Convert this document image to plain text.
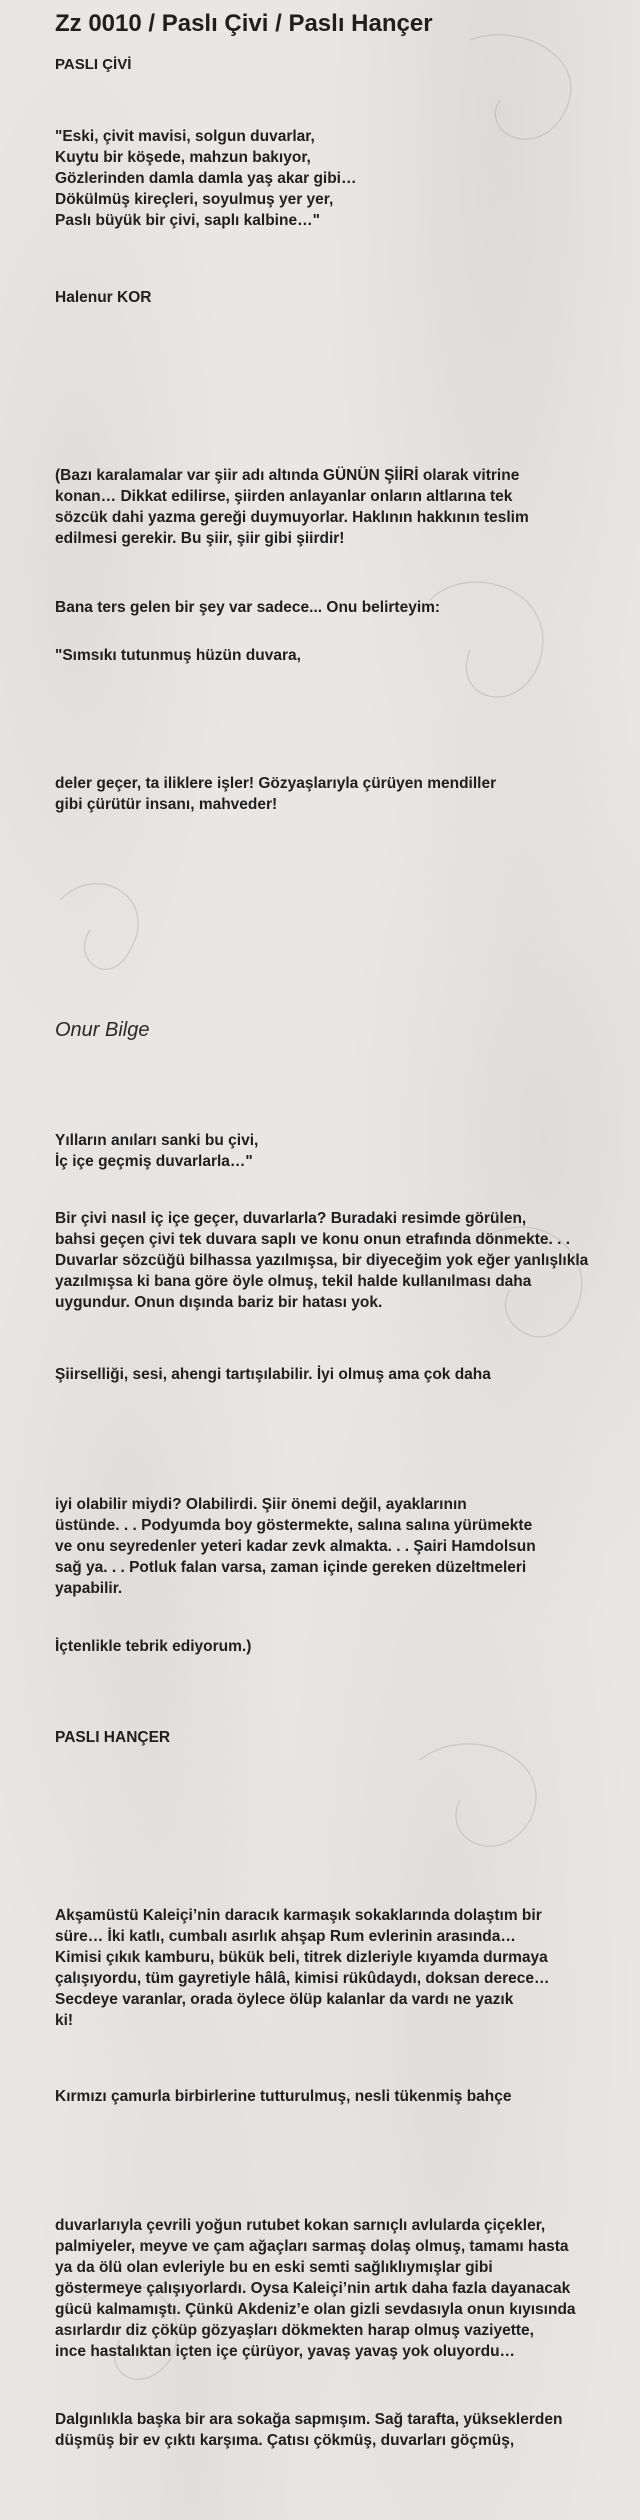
Zz 0010 / Paslı Çivi / Paslı Hançer
PASLI ÇİVİ
"Eski, çivit mavisi, solgun duvarlar,
Kuytu bir köşede, mahzun bakıyor,
Gözlerinden damla damla yaş akar gibi…
Dökülmüş kireçleri, soyulmuş yer yer,
Paslı büyük bir çivi, saplı kalbine…"
Halenur KOR
(Bazı karalamalar var şiir adı altında GÜNÜN ŞİİRİ olarak vitrine
konan… Dikkat edilirse, şiirden anlayanlar onların altlarına tek
sözcük dahi yazma gereği duymuyorlar. Haklının hakkının teslim
edilmesi gerekir. Bu şiir, şiir gibi şiirdir!
Bana ters gelen bir şey var sadece... Onu belirteyim:
"Sımsıkı tutunmuş hüzün duvara,
deler geçer, ta iliklere işler! Gözyaşlarıyla çürüyen mendiller
gibi çürütür insanı, mahveder!
Onur Bilge
Yılların anıları sanki bu çivi,
İç içe geçmiş duvarlarla…"
Bir çivi nasıl iç içe geçer, duvarlarla? Buradaki resimde görülen,
bahsi geçen çivi tek duvara saplı ve konu onun etrafında dönmekte. . .
Duvarlar sözcüğü bilhassa yazılmışsa, bir diyeceğim yok eğer yanlışlıkla
yazılmışsa ki bana göre öyle olmuş, tekil halde kullanılması daha
uygundur. Onun dışında bariz bir hatası yok.
Şiirselliği, sesi, ahengi tartışılabilir. İyi olmuş ama çok daha
iyi olabilir miydi? Olabilirdi. Şiir önemi değil, ayaklarının
üstünde. . . Podyumda boy göstermekte, salına salına yürümekte
ve onu seyredenler yeteri kadar zevk almakta. . . Şairi Hamdolsun
sağ ya. . . Potluk falan varsa, zaman içinde gereken düzeltmeleri
yapabilir.
İçtenlikle tebrik ediyorum.)
PASLI HANÇER
Akşamüstü Kaleiçi’nin daracık karmaşık sokaklarında dolaştım bir
süre… İki katlı, cumbalı asırlık ahşap Rum evlerinin arasında…
Kimisi çıkık kamburu, bükük beli, titrek dizleriyle kıyamda durmaya
çalışıyordu, tüm gayretiyle hâlâ, kimisi rükûdaydı, doksan derece…
Secdeye varanlar, orada öylece ölüp kalanlar da vardı ne yazık
ki!
Kırmızı çamurla birbirlerine tutturulmuş, nesli tükenmiş bahçe
duvarlarıyla çevrili yoğun rutubet kokan sarnıçlı avlularda çiçekler,
palmiyeler, meyve ve çam ağaçları sarmaş dolaş olmuş, tamamı hasta
ya da ölü olan evleriyle bu en eski semti sağlıklıymışlar gibi
göstermeye çalışıyorlardı. Oysa Kaleiçi’nin artık daha fazla dayanacak
gücü kalmamıştı. Çünkü Akdeniz’e olan gizli sevdasıyla onun kıyısında
asırlardır diz çöküp gözyaşları dökmekten harap olmuş vaziyette,
ince hastalıktan içten içe çürüyor, yavaş yavaş yok oluyordu…
Dalgınlıkla başka bir ara sokağa sapmışım. Sağ tarafta, yükseklerden
düşmüş bir ev çıktı karşıma. Çatısı çökmüş, duvarları göçmüş,
